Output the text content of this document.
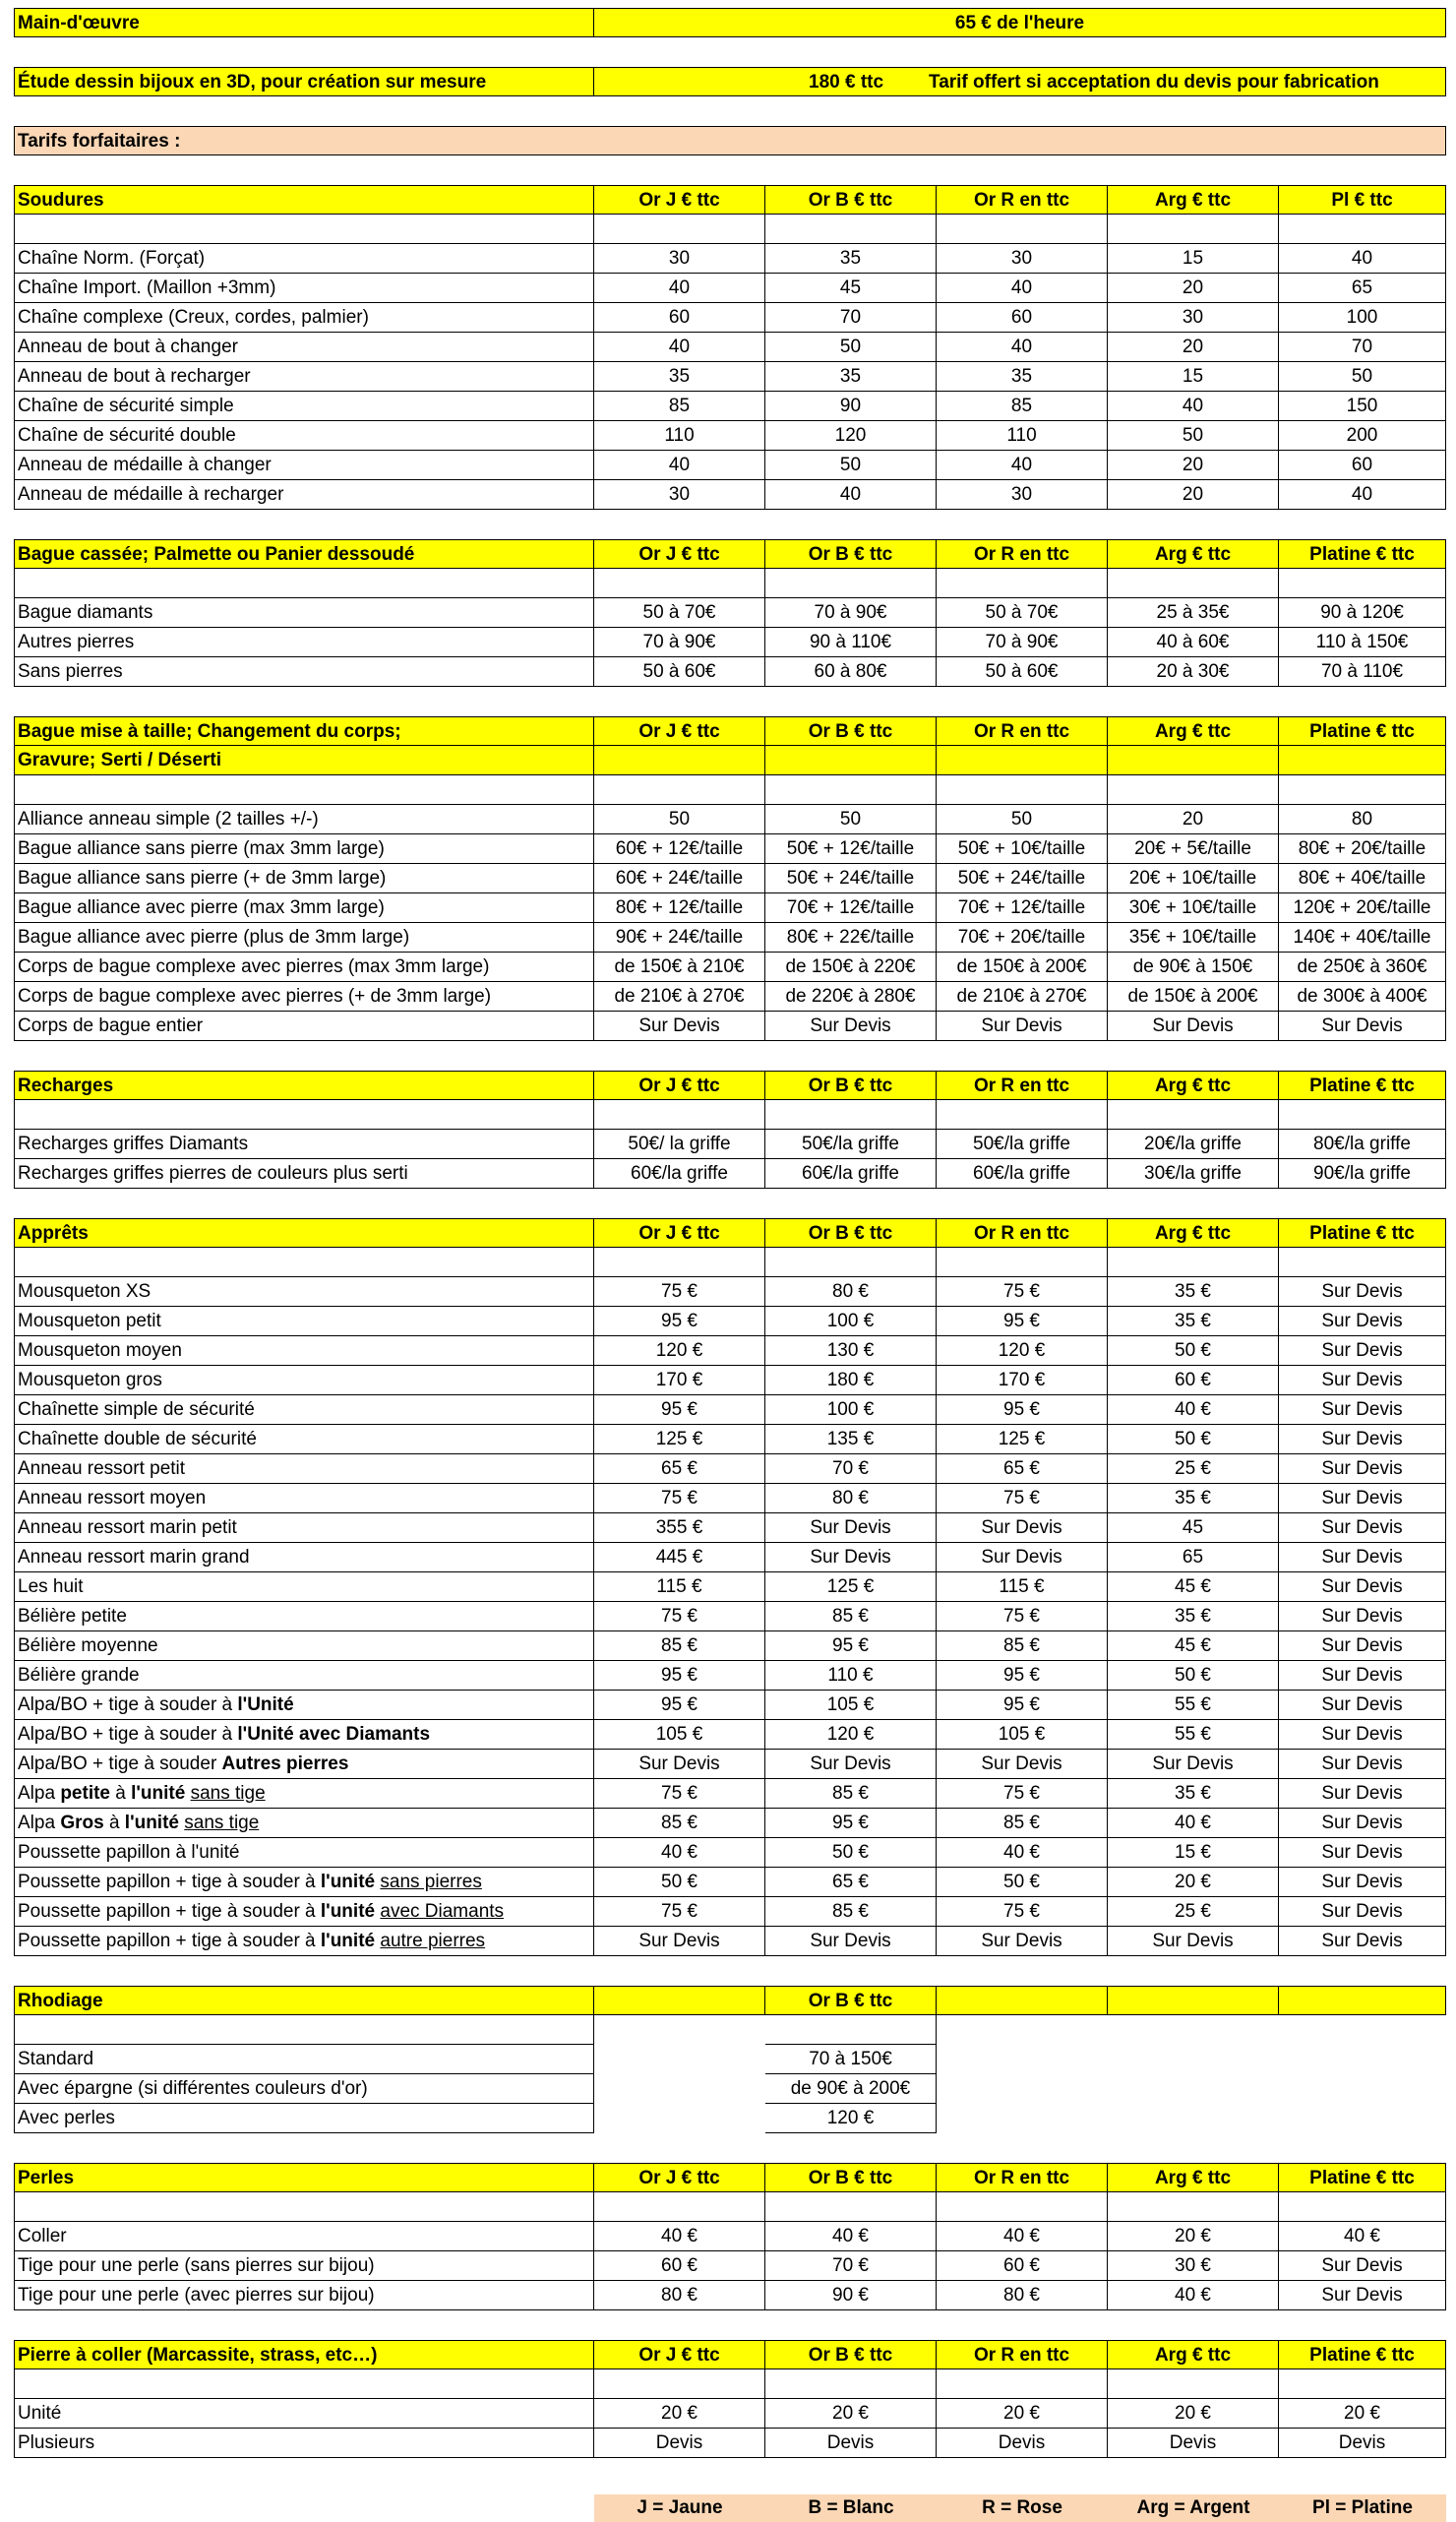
Main-d'œuvre	65 € de l'heure
Étude dessin bijoux en 3D, pour création sur mesure	180 € ttc Tarif offert si acceptation du devis pour fabrication
Tarifs forfaitaires :
Soudures	Or J € ttc	Or B € ttc	Or R en ttc	Arg € ttc	Pl € ttc
Chaîne Norm. (Forçat)	30	35	30	15	40
Chaîne Import. (Maillon +3mm)	40	45	40	20	65
Chaîne complexe (Creux, cordes, palmier)	60	70	60	30	100
Anneau de bout à changer	40	50	40	20	70
Anneau de bout à recharger	35	35	35	15	50
Chaîne de sécurité simple	85	90	85	40	150
Chaîne de sécurité double	110	120	110	50	200
Anneau de médaille à changer	40	50	40	20	60
Anneau de médaille à recharger	30	40	30	20	40
Bague cassée; Palmette ou Panier dessoudé	Or J € ttc	Or B € ttc	Or R en ttc	Arg € ttc	Platine € ttc
Bague diamants	50 à 70€	70 à 90€	50 à 70€	25 à 35€	90 à 120€
Autres pierres	70 à 90€	90 à 110€	70 à 90€	40 à 60€	110 à 150€
Sans pierres	50 à 60€	60 à 80€	50 à 60€	20 à 30€	70 à 110€
Bague mise à taille; Changement du corps;	Or J € ttc	Or B € ttc	Or R en ttc	Arg € ttc	Platine € ttc
Gravure; Serti / Déserti
Alliance anneau simple (2 tailles +/-)	50	50	50	20	80
Bague alliance sans pierre (max 3mm large)	60€ + 12€/taille	50€ + 12€/taille	50€ + 10€/taille	20€ + 5€/taille	80€ + 20€/taille
Bague alliance sans pierre (+ de 3mm large)	60€ + 24€/taille	50€ + 24€/taille	50€ + 24€/taille	20€ + 10€/taille	80€ + 40€/taille
Bague alliance avec pierre (max 3mm large)	80€ + 12€/taille	70€ + 12€/taille	70€ + 12€/taille	30€ + 10€/taille	120€ + 20€/taille
Bague alliance avec pierre (plus de 3mm large)	90€ + 24€/taille	80€ + 22€/taille	70€ + 20€/taille	35€ + 10€/taille	140€ + 40€/taille
Corps de bague complexe avec pierres (max 3mm large)	de 150€ à 210€	de 150€ à 220€	de 150€ à 200€	de 90€ à 150€	de 250€ à 360€
Corps de bague complexe avec pierres (+ de 3mm large)	de 210€ à 270€	de 220€ à 280€	de 210€ à 270€	de 150€ à 200€	de 300€ à 400€
Corps de bague entier	Sur Devis	Sur Devis	Sur Devis	Sur Devis	Sur Devis
Recharges	Or J € ttc	Or B € ttc	Or R en ttc	Arg € ttc	Platine € ttc
Recharges griffes Diamants	50€/ la griffe	50€/la griffe	50€/la griffe	20€/la griffe	80€/la griffe
Recharges griffes pierres de couleurs plus serti	60€/la griffe	60€/la griffe	60€/la griffe	30€/la griffe	90€/la griffe
Apprêts	Or J € ttc	Or B € ttc	Or R en ttc	Arg € ttc	Platine € ttc
Mousqueton XS	75 €	80 €	75 €	35 €	Sur Devis
Mousqueton petit	95 €	100 €	95 €	35 €	Sur Devis
Mousqueton moyen	120 €	130 €	120 €	50 €	Sur Devis
Mousqueton gros	170 €	180 €	170 €	60 €	Sur Devis
Chaînette simple de sécurité	95 €	100 €	95 €	40 €	Sur Devis
Chaînette double de sécurité	125 €	135 €	125 €	50 €	Sur Devis
Anneau ressort petit	65 €	70 €	65 €	25 €	Sur Devis
Anneau ressort moyen	75 €	80 €	75 €	35 €	Sur Devis
Anneau ressort marin petit	355 €	Sur Devis	Sur Devis	45	Sur Devis
Anneau ressort marin grand	445 €	Sur Devis	Sur Devis	65	Sur Devis
Les huit	115 €	125 €	115 €	45 €	Sur Devis
Bélière petite	75 €	85 €	75 €	35 €	Sur Devis
Bélière moyenne	85 €	95 €	85 €	45 €	Sur Devis
Bélière grande	95 €	110 €	95 €	50 €	Sur Devis
Alpa/BO + tige à souder à l'Unité	95 €	105 €	95 €	55 €	Sur Devis
Alpa/BO + tige à souder à l'Unité avec Diamants	105 €	120 €	105 €	55 €	Sur Devis
Alpa/BO + tige à souder Autres pierres	Sur Devis	Sur Devis	Sur Devis	Sur Devis	Sur Devis
Alpa petite à l'unité sans tige	75 €	85 €	75 €	35 €	Sur Devis
Alpa Gros à l'unité sans tige	85 €	95 €	85 €	40 €	Sur Devis
Poussette papillon à l'unité	40 €	50 €	40 €	15 €	Sur Devis
Poussette papillon + tige à souder à l'unité sans pierres	50 €	65 €	50 €	20 €	Sur Devis
Poussette papillon + tige à souder à l'unité avec Diamants	75 €	85 €	75 €	25 €	Sur Devis
Poussette papillon + tige à souder à l'unité autre pierres	Sur Devis	Sur Devis	Sur Devis	Sur Devis	Sur Devis
Rhodiage	Or B € ttc
Standard	70 à 150€
Avec épargne (si différentes couleurs d'or)	de 90€ à 200€
Avec perles	120 €
Perles	Or J € ttc	Or B € ttc	Or R en ttc	Arg € ttc	Platine € ttc
Coller	40 €	40 €	40 €	20 €	40 €
Tige pour une perle (sans pierres sur bijou)	60 €	70 €	60 €	30 €	Sur Devis
Tige pour une perle (avec pierres sur bijou)	80 €	90 €	80 €	40 €	Sur Devis
Pierre à coller (Marcassite, strass, etc…)	Or J € ttc	Or B € ttc	Or R en ttc	Arg € ttc	Platine € ttc
Unité	20 €	20 €	20 €	20 €	20 €
Plusieurs	Devis	Devis	Devis	Devis	Devis
J = Jaune	B = Blanc	R = Rose	Arg = Argent	Pl = Platine
